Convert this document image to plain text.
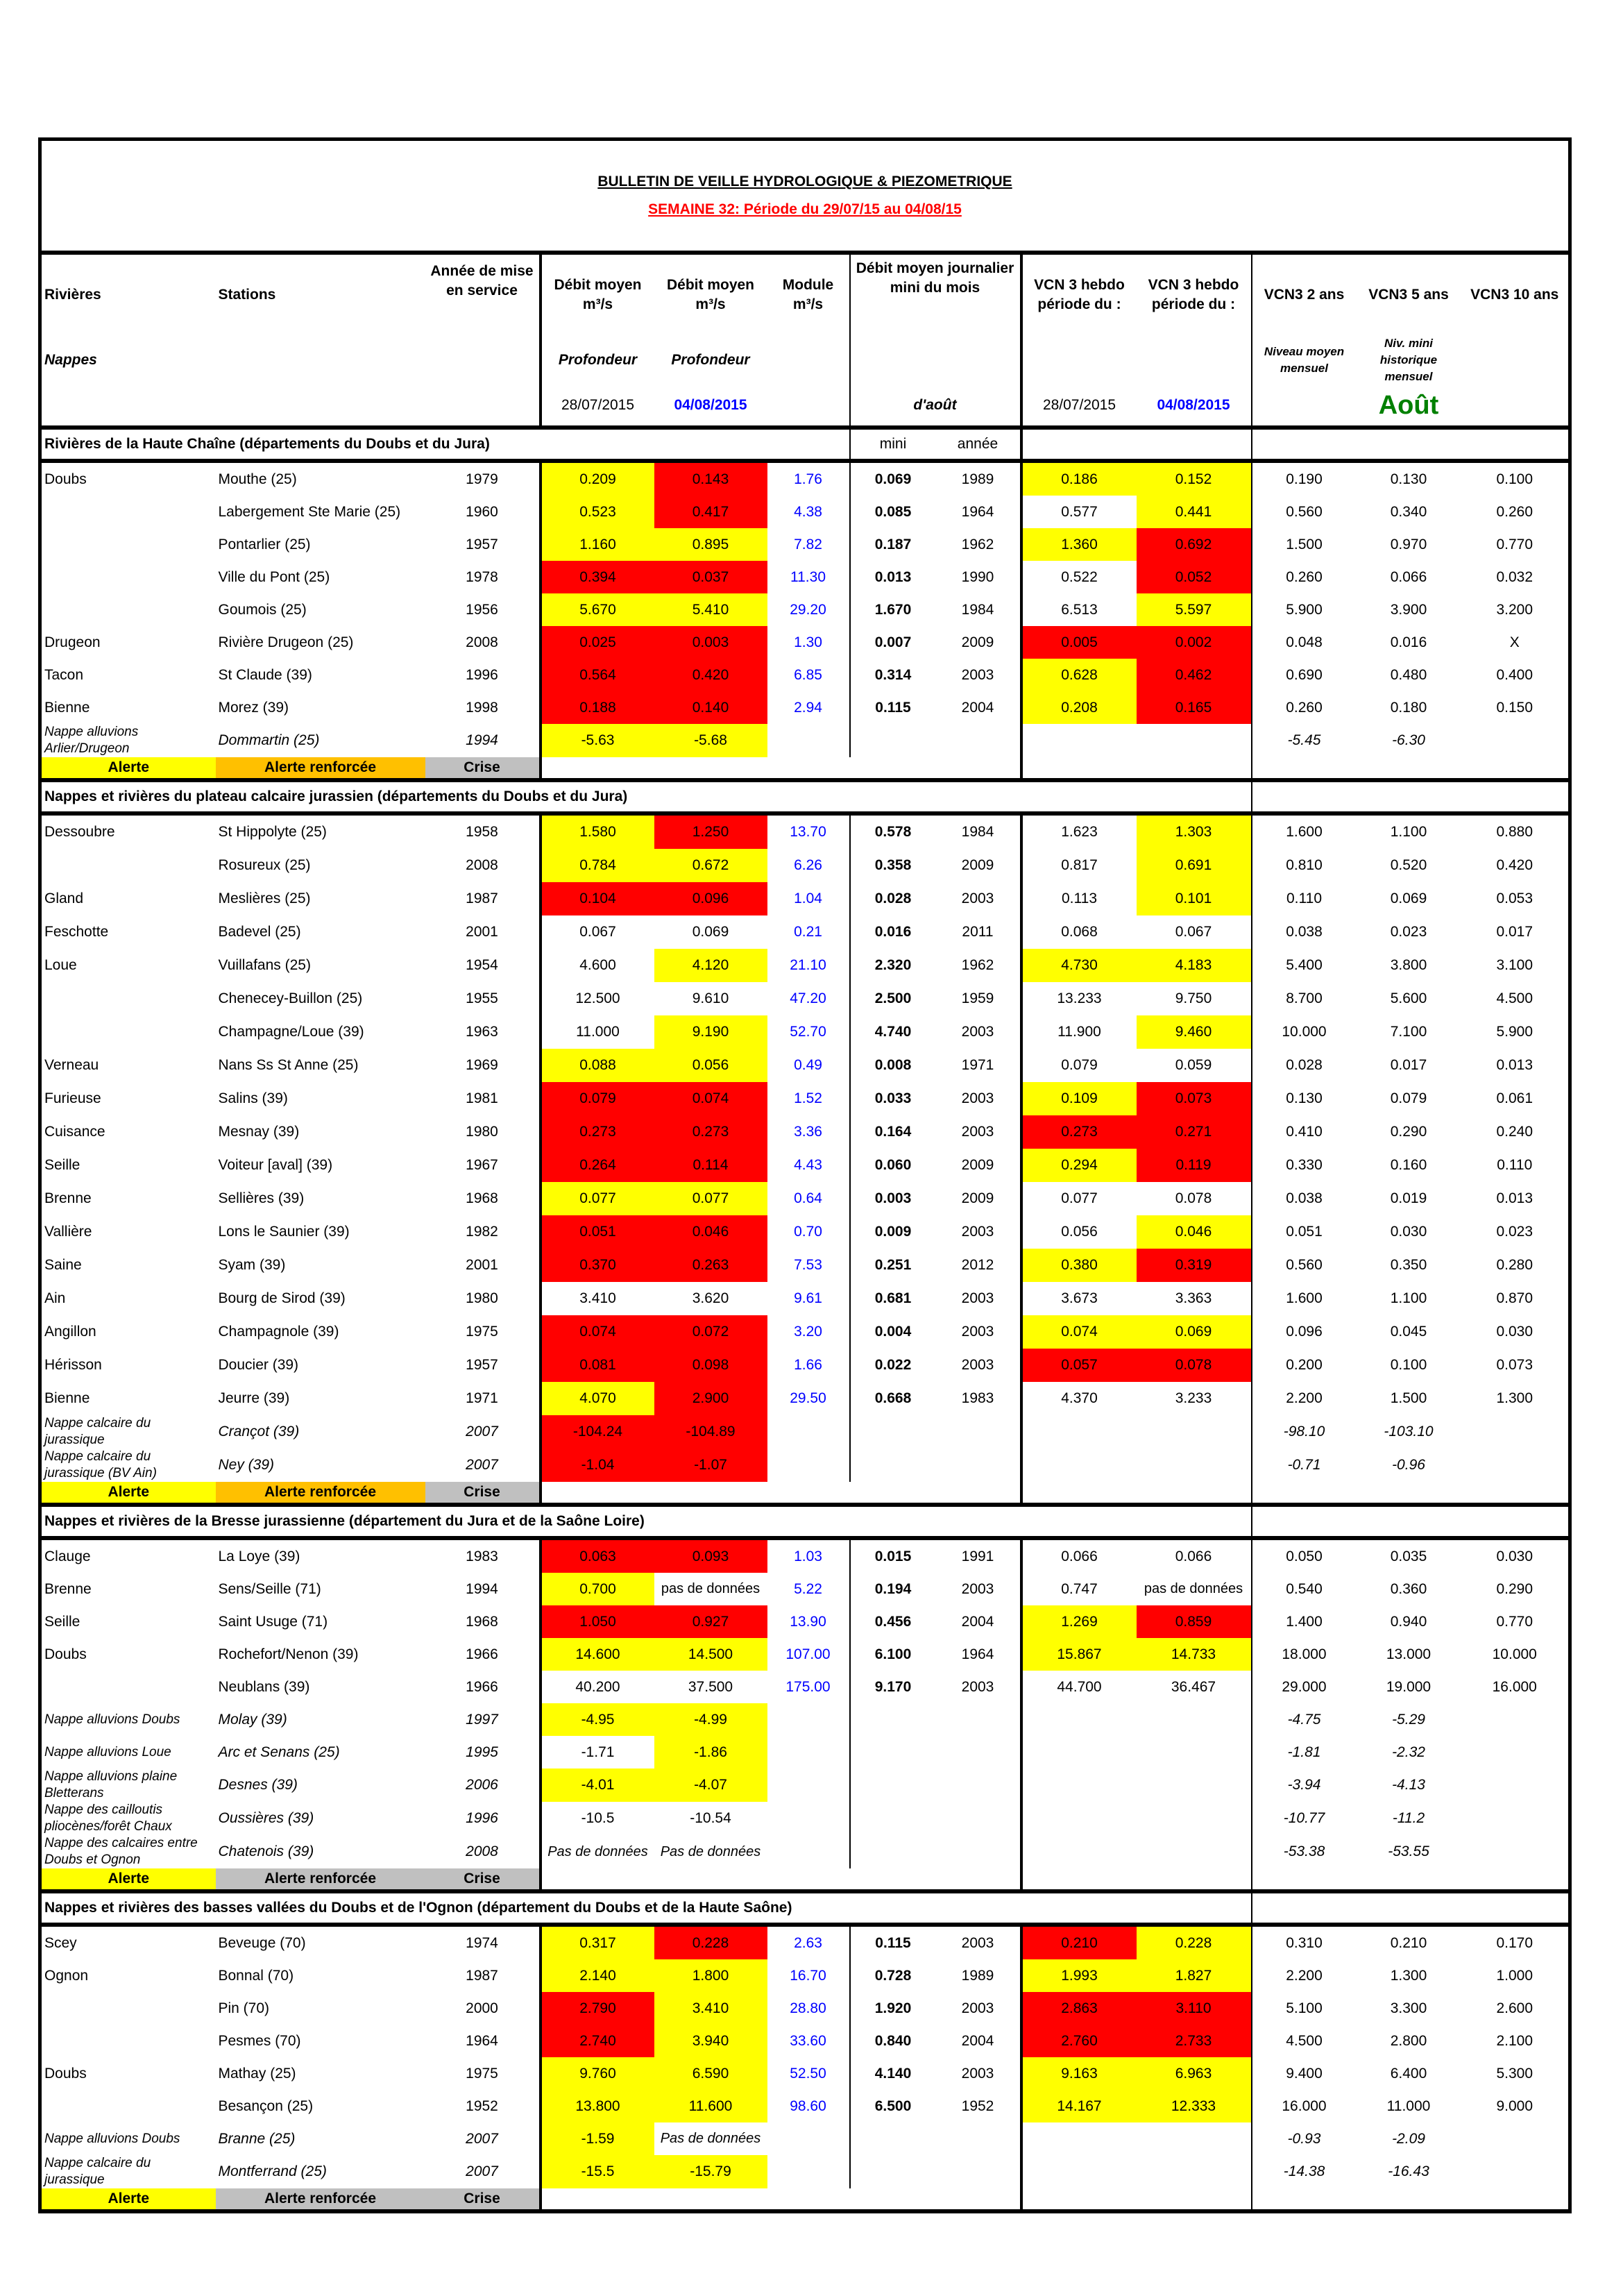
BULLETIN DE VEILLE HYDROLOGIQUE & PIEZOMETRIQUE
SEMAINE 32: Période du 29/07/15 au 04/08/15												

Rivières	Stations	Année de mise en service	Débit moyen m³/s	Débit moyen m³/s	Module m³/s	Débit moyen journalier mini du mois		VCN 3 hebdo période du :	VCN 3 hebdo période du :	VCN3 2 ans	VCN3 5 ans	VCN3 10 ans
Nappes			Profondeur	Profondeur						Niveau moyen mensuel	Niv. mini historique mensuel	
			28/07/2015	04/08/2015		d'août		28/07/2015	04/08/2015		Août	
Rivières de la Haute Chaîne (départements du Doubs et du Jura)						mini	année					
Doubs	Mouthe (25)	1979	0.209	0.143	1.76	0.069	1989	0.186	0.152	0.190	0.130	0.100
	Labergement Ste Marie (25)	1960	0.523	0.417	4.38	0.085	1964	0.577	0.441	0.560	0.340	0.260
	Pontarlier (25)	1957	1.160	0.895	7.82	0.187	1962	1.360	0.692	1.500	0.970	0.770
	Ville du Pont (25)	1978	0.394	0.037	11.30	0.013	1990	0.522	0.052	0.260	0.066	0.032
	Goumois (25)	1956	5.670	5.410	29.20	1.670	1984	6.513	5.597	5.900	3.900	3.200
Drugeon	Rivière Drugeon (25)	2008	0.025	0.003	1.30	0.007	2009	0.005	0.002	0.048	0.016	X
Tacon	St Claude (39)	1996	0.564	0.420	6.85	0.314	2003	0.628	0.462	0.690	0.480	0.400
Bienne	Morez (39)	1998	0.188	0.140	2.94	0.115	2004	0.208	0.165	0.260	0.180	0.150
Nappe alluvions Arlier/Drugeon	Dommartin (25)	1994	-5.63	-5.68						-5.45	-6.30	
Alerte	Alerte renforcée	Crise										
Nappes et rivières du plateau calcaire jurassien (départements du Doubs et du Jura)												
Dessoubre	St Hippolyte (25)	1958	1.580	1.250	13.70	0.578	1984	1.623	1.303	1.600	1.100	0.880
	Rosureux (25)	2008	0.784	0.672	6.26	0.358	2009	0.817	0.691	0.810	0.520	0.420
Gland	Meslières (25)	1987	0.104	0.096	1.04	0.028	2003	0.113	0.101	0.110	0.069	0.053
Feschotte	Badevel (25)	2001	0.067	0.069	0.21	0.016	2011	0.068	0.067	0.038	0.023	0.017
Loue	Vuillafans (25)	1954	4.600	4.120	21.10	2.320	1962	4.730	4.183	5.400	3.800	3.100
	Chenecey-Buillon (25)	1955	12.500	9.610	47.20	2.500	1959	13.233	9.750	8.700	5.600	4.500
	Champagne/Loue (39)	1963	11.000	9.190	52.70	4.740	2003	11.900	9.460	10.000	7.100	5.900
Verneau	Nans Ss St Anne (25)	1969	0.088	0.056	0.49	0.008	1971	0.079	0.059	0.028	0.017	0.013
Furieuse	Salins (39)	1981	0.079	0.074	1.52	0.033	2003	0.109	0.073	0.130	0.079	0.061
Cuisance	Mesnay (39)	1980	0.273	0.273	3.36	0.164	2003	0.273	0.271	0.410	0.290	0.240
Seille	Voiteur [aval] (39)	1967	0.264	0.114	4.43	0.060	2009	0.294	0.119	0.330	0.160	0.110
Brenne	Sellières (39)	1968	0.077	0.077	0.64	0.003	2009	0.077	0.078	0.038	0.019	0.013
Vallière	Lons le Saunier (39)	1982	0.051	0.046	0.70	0.009	2003	0.056	0.046	0.051	0.030	0.023
Saine	Syam (39)	2001	0.370	0.263	7.53	0.251	2012	0.380	0.319	0.560	0.350	0.280
Ain	Bourg de Sirod (39)	1980	3.410	3.620	9.61	0.681	2003	3.673	3.363	1.600	1.100	0.870
Angillon	Champagnole (39)	1975	0.074	0.072	3.20	0.004	2003	0.074	0.069	0.096	0.045	0.030
Hérisson	Doucier (39)	1957	0.081	0.098	1.66	0.022	2003	0.057	0.078	0.200	0.100	0.073
Bienne	Jeurre (39)	1971	4.070	2.900	29.50	0.668	1983	4.370	3.233	2.200	1.500	1.300
Nappe calcaire du jurassique	Crançot (39)	2007	-104.24	-104.89						-98.10	-103.10	
Nappe calcaire du jurassique (BV Ain)	Ney (39)	2007	-1.04	-1.07						-0.71	-0.96	
Alerte	Alerte renforcée	Crise										
Nappes et rivières de la Bresse jurassienne (département du Jura et de la Saône Loire)												
Clauge	La Loye (39)	1983	0.063	0.093	1.03	0.015	1991	0.066	0.066	0.050	0.035	0.030
Brenne	Sens/Seille (71)	1994	0.700	pas de données	5.22	0.194	2003	0.747	pas de données	0.540	0.360	0.290
Seille	Saint Usuge (71)	1968	1.050	0.927	13.90	0.456	2004	1.269	0.859	1.400	0.940	0.770
Doubs	Rochefort/Nenon (39)	1966	14.600	14.500	107.00	6.100	1964	15.867	14.733	18.000	13.000	10.000
	Neublans (39)	1966	40.200	37.500	175.00	9.170	2003	44.700	36.467	29.000	19.000	16.000
Nappe alluvions Doubs	Molay (39)	1997	-4.95	-4.99						-4.75	-5.29	
Nappe alluvions Loue	Arc et Senans (25)	1995	-1.71	-1.86						-1.81	-2.32	
Nappe alluvions plaine Bletterans	Desnes (39)	2006	-4.01	-4.07						-3.94	-4.13	
Nappe des cailloutis pliocènes/forêt Chaux	Oussières (39)	1996	-10.5	-10.54						-10.77	-11.2	
Nappe des calcaires entre Doubs et Ognon	Chatenois (39)	2008	Pas de données	Pas de données						-53.38	-53.55	
Alerte	Alerte renforcée	Crise										
Nappes et rivières des basses vallées du Doubs et de l'Ognon (département du Doubs et de la Haute Saône)												
Scey	Beveuge (70)	1974	0.317	0.228	2.63	0.115	2003	0.210	0.228	0.310	0.210	0.170
Ognon	Bonnal (70)	1987	2.140	1.800	16.70	0.728	1989	1.993	1.827	2.200	1.300	1.000
	Pin (70)	2000	2.790	3.410	28.80	1.920	2003	2.863	3.110	5.100	3.300	2.600
	Pesmes (70)	1964	2.740	3.940	33.60	0.840	2004	2.760	2.733	4.500	2.800	2.100
Doubs	Mathay (25)	1975	9.760	6.590	52.50	4.140	2003	9.163	6.963	9.400	6.400	5.300
	Besançon (25)	1952	13.800	11.600	98.60	6.500	1952	14.167	12.333	16.000	11.000	9.000
Nappe alluvions Doubs	Branne (25)	2007	-1.59	Pas de données						-0.93	-2.09	
Nappe calcaire du jurassique	Montferrand (25)	2007	-15.5	-15.79						-14.38	-16.43	
Alerte	Alerte renforcée	Crise										
